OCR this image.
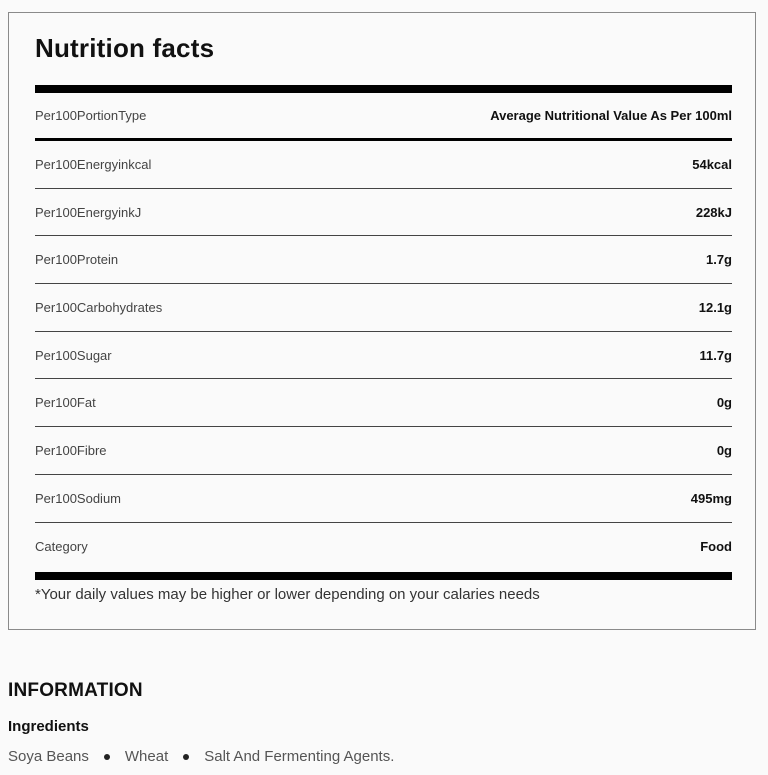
Nutrition facts
Per100PortionType	Average Nutritional Value As Per 100ml
Per100Energyinkcal	54kcal
Per100EnergyinkJ	228kJ
Per100Protein	1.7g
Per100Carbohydrates	12.1g
Per100Sugar	11.7g
Per100Fat	0g
Per100Fibre	0g
Per100Sodium	495mg
Category	Food
*Your daily values may be higher or lower depending on your calaries needs
INFORMATION
Ingredients
Soya Beans Wheat Salt And Fermenting Agents.
